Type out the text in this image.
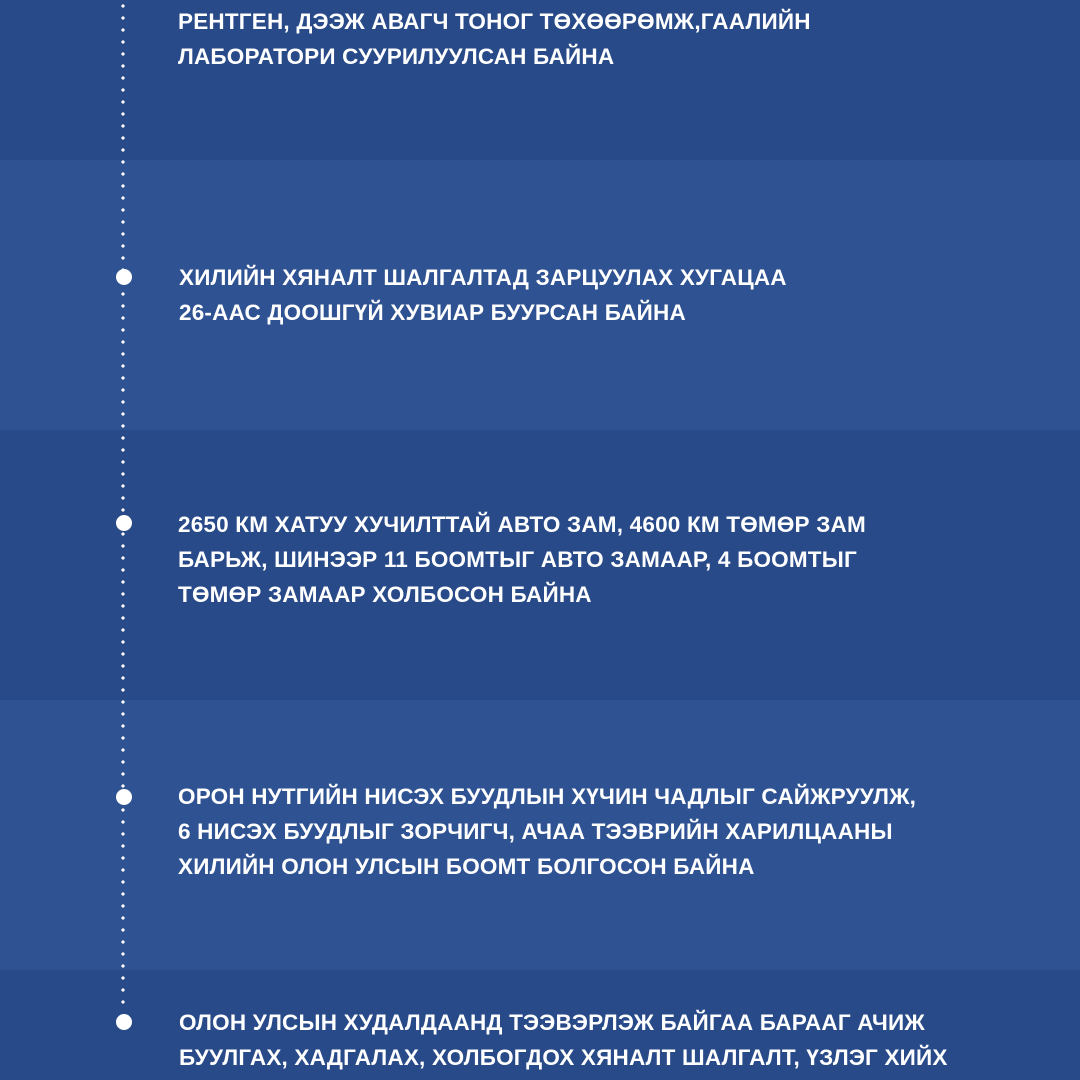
РЕНТГЕН, ДЭЭЖ АВАГЧ ТОНОГ ТӨХӨӨРӨМЖ,ГААЛИЙН
ЛАБОРАТОРИ СУУРИЛУУЛСАН БАЙНА
ХИЛИЙН ХЯНАЛТ ШАЛГАЛТАД ЗАРЦУУЛАХ ХУГАЦАА
26-ААС ДООШГҮЙ ХУВИАР БУУРСАН БАЙНА
2650 КМ ХАТУУ ХУЧИЛТТАЙ АВТО ЗАМ, 4600 КМ ТӨМӨР ЗАМ
БАРЬЖ, ШИНЭЭР 11 БООМТЫГ АВТО ЗАМААР, 4 БООМТЫГ
ТӨМӨР ЗАМААР ХОЛБОСОН БАЙНА
ОРОН НУТГИЙН НИСЭХ БУУДЛЫН ХҮЧИН ЧАДЛЫГ САЙЖРУУЛЖ,
6 НИСЭХ БУУДЛЫГ ЗОРЧИГЧ, АЧАА ТЭЭВРИЙН ХАРИЛЦААНЫ
ХИЛИЙН ОЛОН УЛСЫН БООМТ БОЛГОСОН БАЙНА
ОЛОН УЛСЫН ХУДАЛДААНД ТЭЭВЭРЛЭЖ БАЙГАА БАРААГ АЧИЖ
БУУЛГАХ, ХАДГАЛАХ, ХОЛБОГДОХ ХЯНАЛТ ШАЛГАЛТ, ҮЗЛЭГ ХИЙХ
